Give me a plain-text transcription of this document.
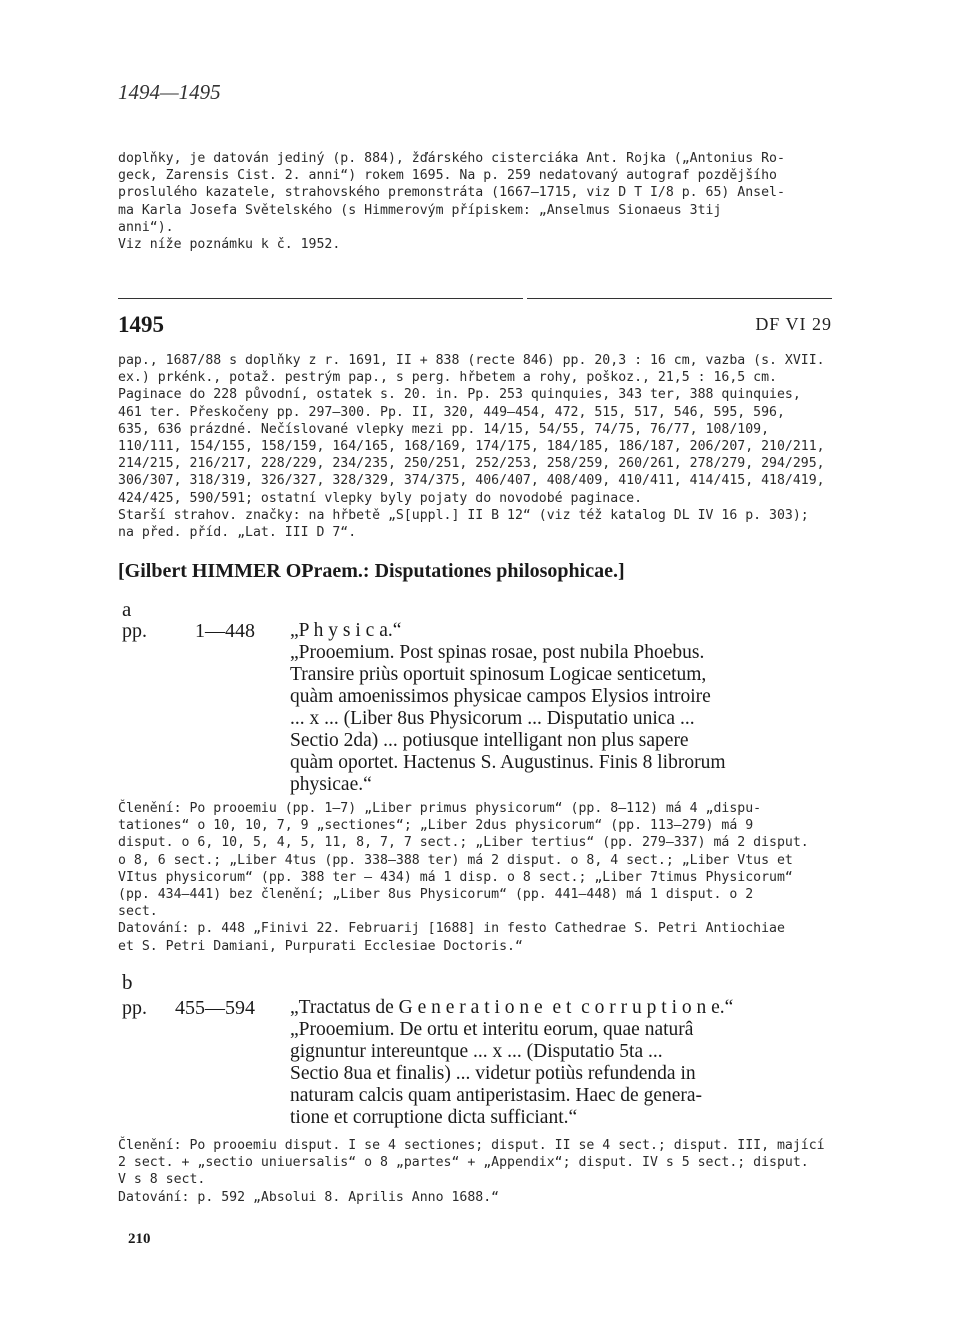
1494—1495
doplňky, je datován jediný (p. 884), žďárského cisterciáka Ant. Rojka („Antonius Ro-
geck, Zarensis Cist. 2. anni“) rokem 1695. Na p. 259 nedatovaný autograf pozdějšího
proslulého kazatele, strahovského premonstráta (1667—1715, viz D T I/8 p. 65) Ansel-
ma Karla Josefa Světelského (s Himmerovým přípiskem: „Anselmus Sionaeus 3tij
anni“).
Viz níže poznámku k č. 1952.
1495	DF VI 29
pap., 1687/88 s doplňky z r. 1691, II + 838 (recte 846) pp. 20,3 : 16 cm, vazba (s. XVII.
ex.) prkénk., potaž. pestrým pap., s perg. hřbetem a rohy, poškoz., 21,5 : 16,5 cm.
Paginace do 228 původní, ostatek s. 20. in. Pp. 253 quinquies, 343 ter, 388 quinquies,
461 ter. Přeskočeny pp. 297—300. Pp. II, 320, 449—454, 472, 515, 517, 546, 595, 596,
635, 636 prázdné. Nečíslované vlepky mezi pp. 14/15, 54/55, 74/75, 76/77, 108/109,
110/111, 154/155, 158/159, 164/165, 168/169, 174/175, 184/185, 186/187, 206/207, 210/211,
214/215, 216/217, 228/229, 234/235, 250/251, 252/253, 258/259, 260/261, 278/279, 294/295,
306/307, 318/319, 326/327, 328/329, 374/375, 406/407, 408/409, 410/411, 414/415, 418/419,
424/425, 590/591; ostatní vlepky byly pojaty do novodobé paginace.
Starší strahov. značky: na hřbetě „S[uppl.] II B 12“ (viz též katalog DL IV 16 p. 303);
na před. příd. „Lat. III D 7“.
[Gilbert HIMMER OPraem.: Disputationes philosophicae.]
a
pp. 1—448 „P h y s i c a.“
„Prooemium. Post spinas rosae, post nubila Phoebus.
Transire priùs oportuit spinosum Logicae senticetum,
quàm amoenissimos physicae campos Elysios introire
... x ... (Liber 8us Physicorum ... Disputatio unica ...
Sectio 2da) ... potiusque intelligant non plus sapere
quàm oportet. Hactenus S. Augustinus. Finis 8 librorum
physicae.“
Členění: Po prooemiu (pp. 1—7) „Liber primus physicorum“ (pp. 8—112) má 4 „dispu-
tationes“ o 10, 10, 7, 9 „sectiones“; „Liber 2dus physicorum“ (pp. 113—279) má 9
disput. o 6, 10, 5, 4, 5, 11, 8, 7, 7 sect.; „Liber tertius“ (pp. 279—337) má 2 disput.
o 8, 6 sect.; „Liber 4tus (pp. 338—388 ter) má 2 disput. o 8, 4 sect.; „Liber Vtus et
VItus physicorum“ (pp. 388 ter — 434) má 1 disp. o 8 sect.; „Liber 7timus Physicorum“
(pp. 434—441) bez členění; „Liber 8us Physicorum“ (pp. 441—448) má 1 disput. o 2
sect.
Datování: p. 448 „Finivi 22. Februarij [1688] in festo Cathedrae S. Petri Antiochiae
et S. Petri Damiani, Purpurati Ecclesiae Doctoris.“
b
pp. 455—594 „Tractatus de G e n e r a t i o n e  e t  c o r r u p t i o n e.“
„Prooemium. De ortu et interitu eorum, quae naturâ
gignuntur intereuntque ... x ... (Disputatio 5ta ...
Sectio 8ua et finalis) ... videtur potiùs refundenda in
naturam calcis quam antiperistasim. Haec de genera-
tione et corruptione dicta sufficiant.“
Členění: Po prooemiu disput. I se 4 sectiones; disput. II se 4 sect.; disput. III, mající
2 sect. + „sectio uniuersalis“ o 8 „partes“ + „Appendix“; disput. IV s 5 sect.; disput.
V s 8 sect.
Datování: p. 592 „Absolui 8. Aprilis Anno 1688.“
210
